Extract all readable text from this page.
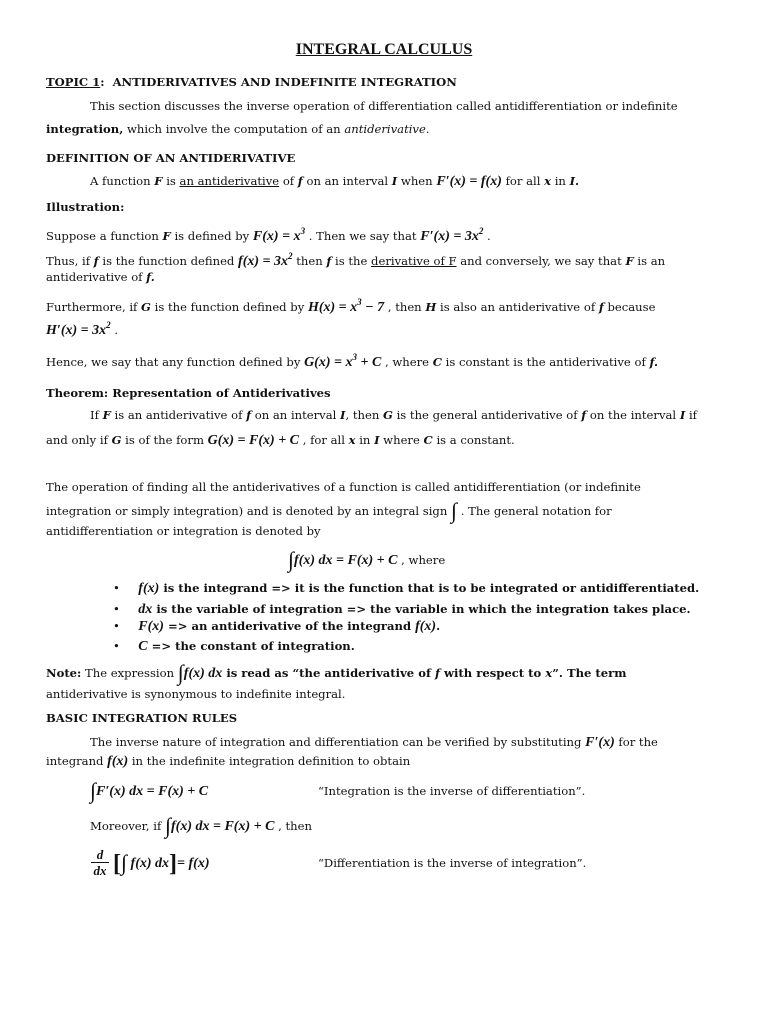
INTEGRAL CALCULUS
TOPIC 1: ANTIDERIVATIVES AND INDEFINITE INTEGRATION
This section discusses the inverse operation of differentiation called antidifferentiation or indefinite
integration, which involve the computation of an antiderivative.
DEFINITION OF AN ANTIDERIVATIVE
A function F is an antiderivative of f on an interval I when F′(x) = f(x) for all x in I.
Illustration:
Suppose a function F is defined by $F(x) = x^3$ . Then we say that $F'(x) = 3x^2$ .
Thus, if f is the function defined $f(x) = 3x^2$ then f is the derivative of F and conversely, we say that F is an
antiderivative of f.
Furthermore, if G is the function defined by $H(x) = x^3 - 7$ , then H is also an antiderivative of f because
$H'(x) = 3x^2$ .
Hence, we say that any function defined by $G(x) = x^3 + C$ , where C is constant is the antiderivative of f.
Theorem: Representation of Antiderivatives
If F is an antiderivative of f on an interval I, then G is the general antiderivative of f on the interval I if
and only if G is of the form G(x) = F(x) + C , for all x in I where C is a constant.
The operation of finding all the antiderivatives of a function is called antidifferentiation (or indefinite
integration or simply integration) and is denoted by an integral sign ∫ . The general notation for
antidifferentiation or integration is denoted by
∫f(x) dx = F(x) + C , where
• f(x) is the integrand => it is the function that is to be integrated or antidifferentiated.
• dx is the variable of integration => the variable in which the integration takes place.
• F(x) => an antiderivative of the integrand f(x).
• C => the constant of integration.
Note: The expression ∫f(x) dx is read as “the antiderivative of f with respect to x”. The term
antiderivative is synonymous to indefinite integral.
BASIC INTEGRATION RULES
The inverse nature of integration and differentiation can be verified by substituting F′(x) for the
integrand f(x) in the indefinite integration definition to obtain
∫F′(x) dx = F(x) + C	“Integration is the inverse of differentiation”.
Moreover, if ∫f(x) dx = F(x) + C , then
d
dx [∫ f(x) dx]= f(x)	“Differentiation is the inverse of integration”.
